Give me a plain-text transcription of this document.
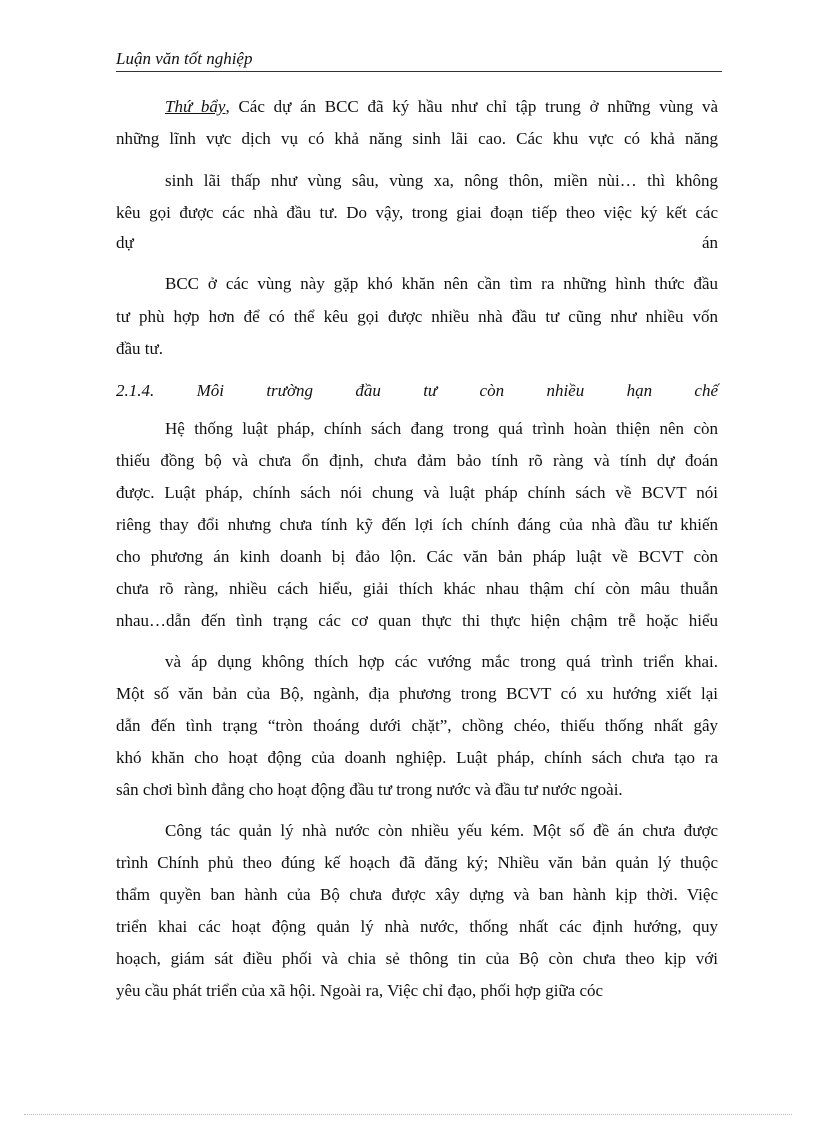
Luận văn tốt nghiệp
Thứ bẩy, Các dự án BCC đã ký hầu như chỉ tập trung ở những vùng và
những lĩnh vực dịch vụ có khả năng sinh lãi cao. Các khu vực có khả năng
sinh lãi thấp như vùng sâu, vùng xa, nông thôn, miền nùi… thì không
kêu gọi được các nhà đầu tư. Do vậy, trong giai đoạn tiếp theo việc ký kết các
dự	án
BCC ở các vùng này gặp khó khăn nên cần tìm ra những hình thức đầu
tư phù hợp hơn để có thể kêu gọi được nhiều nhà đầu tư cũng như nhiều vốn
đầu tư.
2.1.4. Môi trường đầu tư còn nhiều hạn chế
Hệ thống luật pháp, chính sách đang trong quá trình hoàn thiện nên còn
thiếu đồng bộ và chưa ổn định, chưa đảm bảo tính rõ ràng và tính dự đoán
được. Luật pháp, chính sách nói chung và luật pháp chính sách về BCVT nói
riêng thay đổi nhưng chưa tính kỹ đến lợi ích chính đáng của nhà đầu tư khiến
cho phương án kinh doanh bị đảo lộn. Các văn bản pháp luật về BCVT còn
chưa rõ ràng, nhiều cách hiểu, giải thích khác nhau thậm chí còn mâu thuẫn
nhau…dẫn đến tình trạng các cơ quan thực thi thực hiện chậm trễ hoặc hiểu
và áp dụng không thích hợp các vướng mắc trong quá trình triển khai.
Một số văn bản của Bộ, ngành, địa phương trong BCVT có xu hướng xiết lại
dẫn đến tình trạng “tròn thoáng dưới chặt”, chồng chéo, thiếu thống nhất gây
khó khăn cho hoạt động của doanh nghiệp. Luật pháp, chính sách chưa tạo ra
sân chơi bình đẳng cho hoạt động đầu tư trong nước và đầu tư nước ngoài.
Công tác quản lý nhà nước còn nhiều yếu kém. Một số đề án chưa được
trình Chính phủ theo đúng kế hoạch đã đăng ký; Nhiều văn bản quản lý thuộc
thẩm quyền ban hành của Bộ chưa được xây dựng và ban hành kịp thời. Việc
triển khai các hoạt động quản lý nhà nước, thống nhất các định hướng, quy
hoạch, giám sát điều phối và chia sẻ thông tin của Bộ còn chưa theo kịp với
yêu cầu phát triển của xã hội. Ngoài ra, Việc chỉ đạo, phối hợp giữa cóc
